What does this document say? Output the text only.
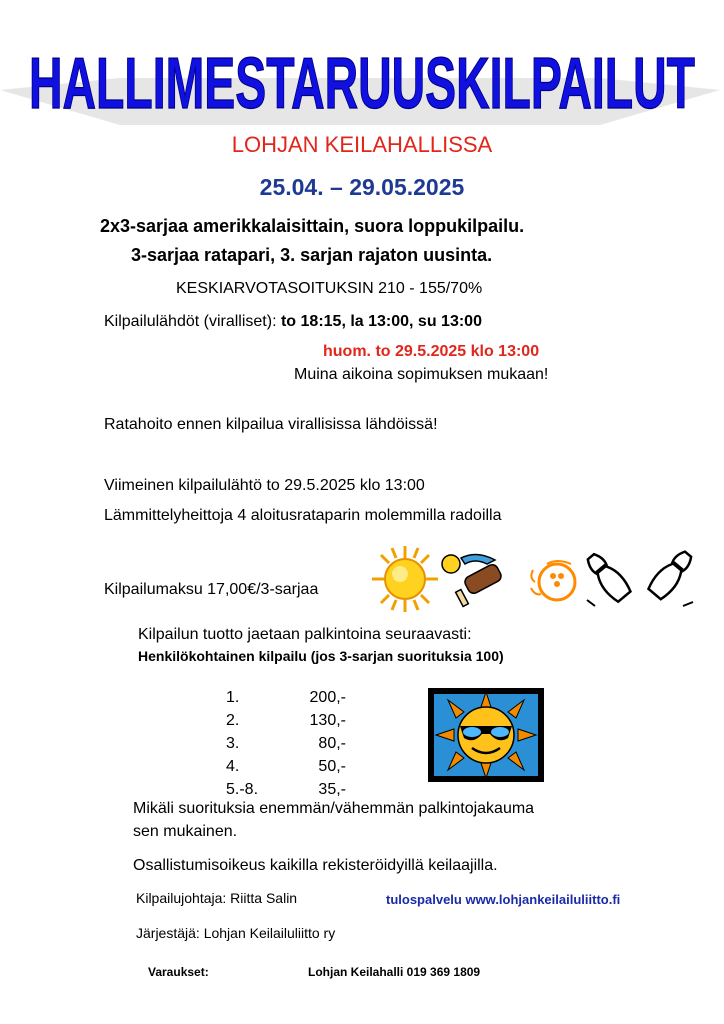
HALLIMESTARUUSKILPAILUT
LOHJAN KEILAHALLISSA
25.04. – 29.05.2025
2x3-sarjaa amerikkalaisittain, suora loppukilpailu.
3-sarjaa ratapari, 3. sarjan rajaton uusinta.
KESKIARVOTASOITUKSIN 210 - 155/70%
Kilpailulähdöt (viralliset): to 18:15, la 13:00, su 13:00
huom. to 29.5.2025 klo 13:00
Muina aikoina sopimuksen mukaan!
Ratahoito ennen kilpailua virallisissa lähdöissä!
Viimeinen kilpailulähtö to 29.5.2025 klo 13:00
Lämmittelyheittoja 4 aloitusrataparin molemmilla radoilla
Kilpailumaksu 17,00€/3-sarjaa
Kilpailun tuotto jaetaan palkintoina seuraavasti:
Henkilökohtainen kilpailu (jos 3-sarjan suorituksia 100)
1.	200,-
2.	130,-
3.	80,-
4.	50,-
5.-8.	35,-
Mikäli suorituksia enemmän/vähemmän palkintojakauma
sen mukainen.
Osallistumisoikeus kaikilla rekisteröidyillä keilaajilla.
Kilpailujohtaja: Riitta Salin	tulospalvelu www.lohjankeilailuliitto.fi
Järjestäjä: Lohjan Keilailuliitto ry
Varaukset:	Lohjan Keilahalli 019 369 1809
